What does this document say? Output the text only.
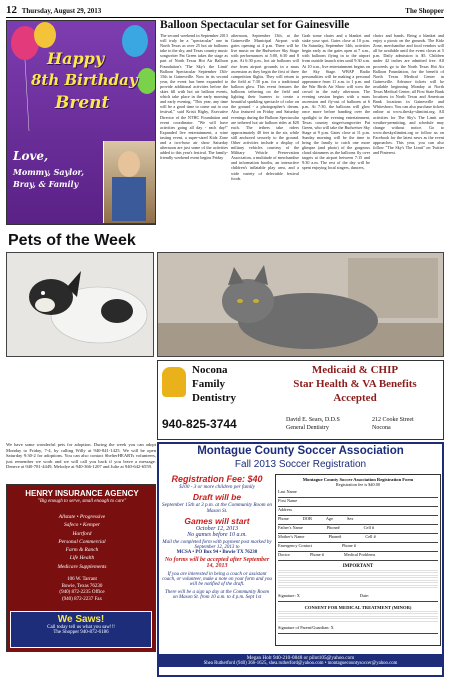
12 Thursday, August 29, 2013	The Shopper
Happy
8th Birthday
Brent
Love,
Mommy, Saylor,
Bray, & Family
Balloon Spectacular set for Gainesville
The second weekend in September 2013 will truly be a "spectacular" one in North Texas as over 25 hot air balloons take to the sky, and Texas country music songwriter Pat Green takes the stage as part of North Texas Hot Air Balloon Foundation's 'The Sky's the Limit' Balloon Spectacular September 13th-15th in Gainesville. Now in its second year, the event has been expanded to provide additional activities before the skies fill with hot air balloon events, which take place in the early morning and early evening. "This year, any time will be a good time to come out to our festival," said Kristi Rigby, Executive Director of the NTHC Foundation and event coordinator. "We will have activities going all day - each day!" Expanded live entertainment, a wine tasting event, a super-sized Kidz Zone and a two-hour air show Saturday afternoon are just some of the activities added to this year's festival. The family-friendly weekend event begins Friday
afternoon, September 13th, at the Gainesville Municipal Airport with gates opening at 4 p.m. There will be live music on the Budweiser Sky Stage with performances at 5:00, 6:30 and 8 p.m. At 6:30 p.m., hot air balloons will rise from airport grounds in a mass ascension as they begin the first of three competition flights. They will return to the field at 7:30 p.m. for a traditional balloon glow. This event features the balloons tethering on the field and lighting their burners to create a beautiful sparkling spectacle of color on the ground - a photographer's dream. Also featured on Friday and Saturday evenings during the Balloon Spectacular are tethered hot air balloon rides at $20 each. The tethers take riders approximately 40 feet in the air, while still anchored securely to the ground. Other activities include a display of military vehicles courtesy of the Military Vehicle Preservation Association, a multitude of merchandise and information booths, an interactive children's inflatable play area, and a wide variety of delectable festival foods.
Grab some chairs and a blanket and stake your spot. Gates close at 10 p.m. On Saturday, September 14th, activities begin early as the gates open at 7 a.m., with balloons flying in to the airport from outside launch sites until 9:30 a.m. At 10 a.m., live entertainment begins on the Sky Stage. WBAP Radio personalities will be making a personal appearance from 11 a.m. to 1 p.m. and the War Birds Air Show will wow the crowd in the early afternoon. The evening session begins with a mass ascension and fly-out of balloons at 6 p.m. At 7:30, the balloons will glow once more before handing over the spotlight to the evening entertainment, Texas country singer/songwriter Pat Green, who will take the Budweiser Sky Stage at 9 p.m. Gates close at 11 p.m. Sunday morning will be the time to bring the family to catch one more glimpse (and photo) of the gorgeous cloud skimmers as the balloons fly over targets at the airport between 7:15 and 9:30 a.m. The rest of the day will be spent enjoying local singers, dancers,
choirs and bands. Bring a blanket and enjoy a picnic on the grounds. The Kidz Zone, merchandise and food vendors will all be available until the event closes at 5 p.m. Daily admission is $5. Children under 42 inches are admitted free. All proceeds go to the North Texas Hot Air Balloon Foundation, for the benefit of North Texas Medical Center in Gainesville. Advance tickets will be available beginning Monday at North Texas Medical Center, all First State Bank locations in North Texas and American Bank locations in Gainesville and Whitesboro. You can also purchase tickets online at www.thesky-slimitnt.org. All activities for The Sky's The Limit are weather-permitting, and schedule may change without notice. Go to www.theskyslimitnt.org or follow us on Facebook for the latest news as the event approaches. This year, you can also follow "The Sky's The Limit" on Twitter and Pinterest.
Pets of the Week
Nocona
Family
Dentistry
940-825-3744
Medicaid & CHIP
Star Health & VA Benefits
Accepted
David E. Sears, D.D.S
General Dentistry
212 Cooke Street
Nocona
We have some wonderful pets for adoption. During the week you can adopt Monday to Friday, 7-4, by calling Willy at 940-841-1425. We will be open Saturday 9:30-2 for adoptions. You can also contact ShelterHEARTs volunteers, just remember we work and we will call you back if you leave a message. Denece at 940-781-4449, Melodye at 940-366-1207 and Julie at 940-642-6559.
HENRY INSURANCE AGENCY
"Big enough to serve, small enough to care"
Allstate • Progressive
Safeco • Kemper
Hartford
Personal Commercial
Farm & Ranch
Life Health
Medicare Supplements
106 W. Tarrant
Bowie, Texas 76230
(940) 872-2235 Office
(940) 872-2237 Fax
We Saws!
Call today tell us what you saw!!!
The Shopper 940-872-6186
Montague County Soccer Association
Fall 2013 Soccer Registration
Registration Fee: $40
$100 - 3 or more children per family
Draft will be
September 15th at 3 p.m. at the Community Room on Mason St.
Games will start
October 12, 2013
No games before 10 a.m.
Mail the completed form with payment post marked by September 12, 2013 to
MCSA • PO Box 94 • Bowie TX 76230
No forms will be accepted after September 14, 2013
If you are interested in being a coach or assistant coach, or volunteer, make a note on your form and you will be notified of the draft.
There will be a sign up day at the Community Room on Mason St. from 10 a.m. to 4 p.m. Sept 1st
Montague County Soccer Association Registration Form
Registration fee is $40.00
Last Name
First Name
Address
Phone	DOB	Age	Sex
Father's Name	Phone#	Cell #
Mother's Name	Phone#	Cell #
Emergency Contact	Phone #
Doctor	Phone #	Medical Problems
IMPORTANT
Signature: X	Date:
CONSENT FOR MEDICAL TREATMENT (MINOR)
Signature of Parent/Guardian: X
Megan Holt 940-210-0848 or pilot105@yahoo.com
Shea Rutherford (940) 366-1625, shea.rutherford@yahoo.com • montaguecountysoccer@yahoo.com
